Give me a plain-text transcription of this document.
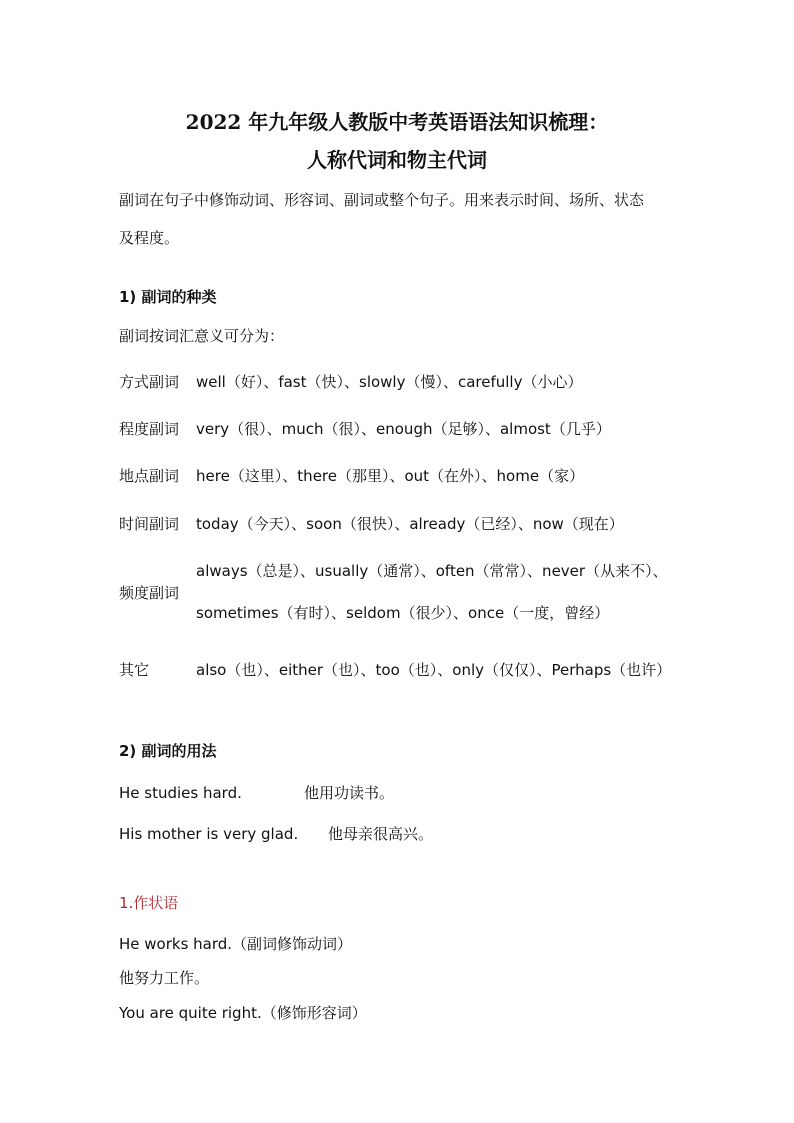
2022 年九年级人教版中考英语语法知识梳理：
人称代词和物主代词
副词在句子中修饰动词、形容词、副词或整个句子。用来表示时间、场所、状态
及程度。
1) 副词的种类
副词按词汇意义可分为：
方式副词 well（好）、fast（快）、slowly（慢）、carefully（小心）
程度副词 very（很）、much（很）、enough（足够）、almost（几乎）
地点副词 here（这里）、there（那里）、out（在外）、home（家）
时间副词 today（今天）、soon（很快）、already（已经）、now（现在）
频度副词
always（总是）、usually（通常）、often（常常）、never（从来不）、
sometimes（有时）、seldom（很少）、once（一度，曾经）
其它	also（也）、either（也）、too（也）、only（仅仅）、Perhaps（也许）
2) 副词的用法
He studies hard.	他用功读书。
His mother is very glad. 他母亲很高兴。
1.作状语
He works hard.（副词修饰动词）
他努力工作。
You are quite right.（修饰形容词）
